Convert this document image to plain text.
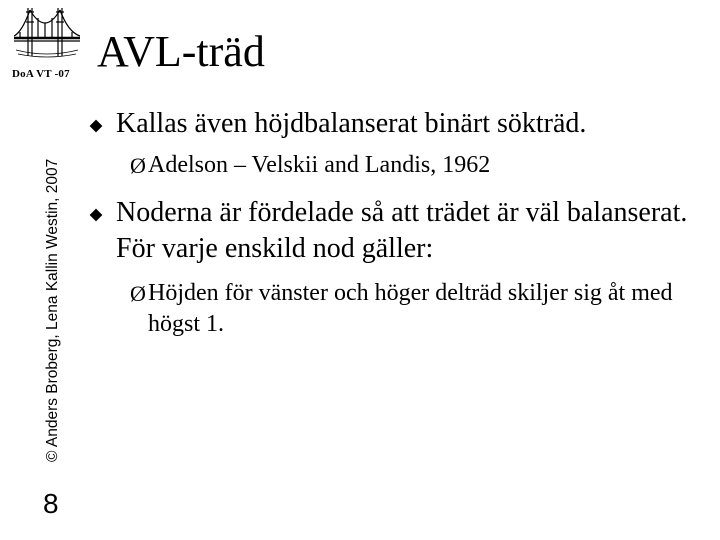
DoA VT -07 AVL-träd
© Anders Broberg, Lena Kallin Westin, 2007
8
Kallas även höjdbalanserat binärt sökträd.
Ø Adelson – Velskii and Landis, 1962
Noderna är fördelade så att trädet är väl balanserat. För varje enskild nod gäller:
Ø Höjden för vänster och höger delträd skiljer sig åt med högst 1.
